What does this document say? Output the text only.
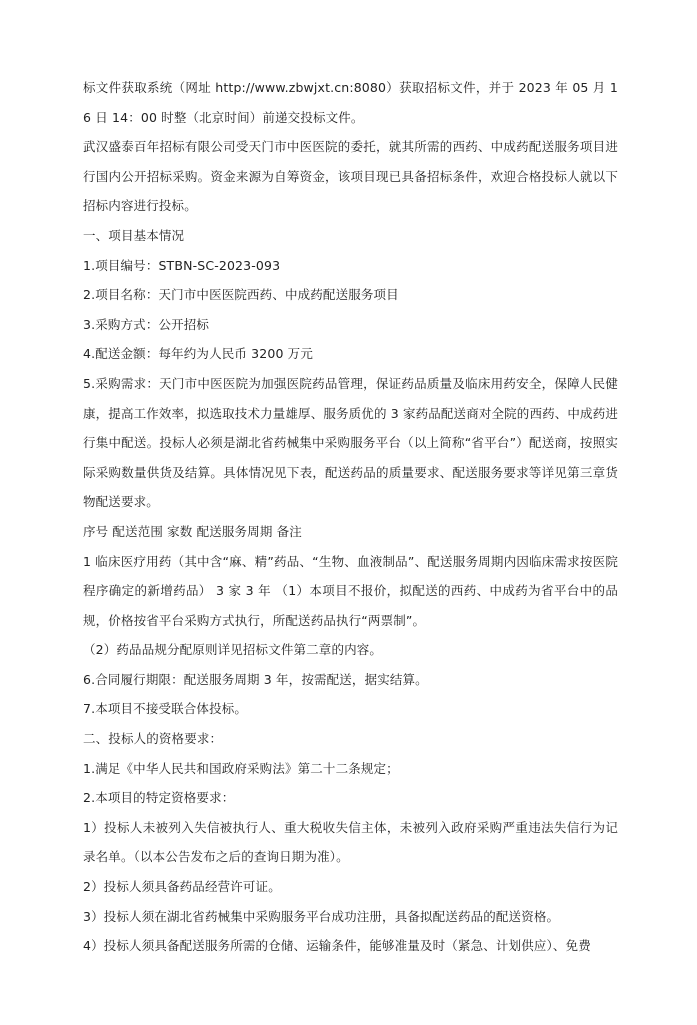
标文件获取系统（网址 http://www.zbwjxt.cn:8080）获取招标文件，并于 2023 年 05 月 16 日 14：00 时整（北京时间）前递交投标文件。

武汉盛泰百年招标有限公司受天门市中医医院的委托，就其所需的西药、中成药配送服务项目进行国内公开招标采购。资金来源为自筹资金，该项目现已具备招标条件，欢迎合格投标人就以下招标内容进行投标。

一、项目基本情况

1.项目编号：STBN-SC-2023-093

2.项目名称：天门市中医医院西药、中成药配送服务项目

3.采购方式：公开招标

4.配送金额：每年约为人民币 3200 万元

5.采购需求：天门市中医医院为加强医院药品管理，保证药品质量及临床用药安全，保障人民健康，提高工作效率，拟选取技术力量雄厚、服务质优的 3 家药品配送商对全院的西药、中成药进行集中配送。投标人必须是湖北省药械集中采购服务平台（以上简称“省平台”）配送商，按照实际采购数量供货及结算。具体情况见下表，配送药品的质量要求、配送服务要求等详见第三章货物配送要求。

序号 配送范围 家数 配送服务周期 备注

1 临床医疗用药（其中含“麻、精”药品、“生物、血液制品”、配送服务周期内因临床需求按医院程序确定的新增药品） 3 家 3 年 （1）本项目不报价，拟配送的西药、中成药为省平台中的品规，价格按省平台采购方式执行，所配送药品执行“两票制”。

（2）药品品规分配原则详见招标文件第二章的内容。

6.合同履行期限：配送服务周期 3 年，按需配送，据实结算。

7.本项目不接受联合体投标。

二、投标人的资格要求：

1.满足《中华人民共和国政府采购法》第二十二条规定；

2.本项目的特定资格要求：

1）投标人未被列入失信被执行人、重大税收失信主体，未被列入政府采购严重违法失信行为记录名单。（以本公告发布之后的查询日期为准）。

2）投标人须具备药品经营许可证。

3）投标人须在湖北省药械集中采购服务平台成功注册，具备拟配送药品的配送资格。

4）投标人须具备配送服务所需的仓储、运输条件，能够准量及时（紧急、计划供应）、免费
